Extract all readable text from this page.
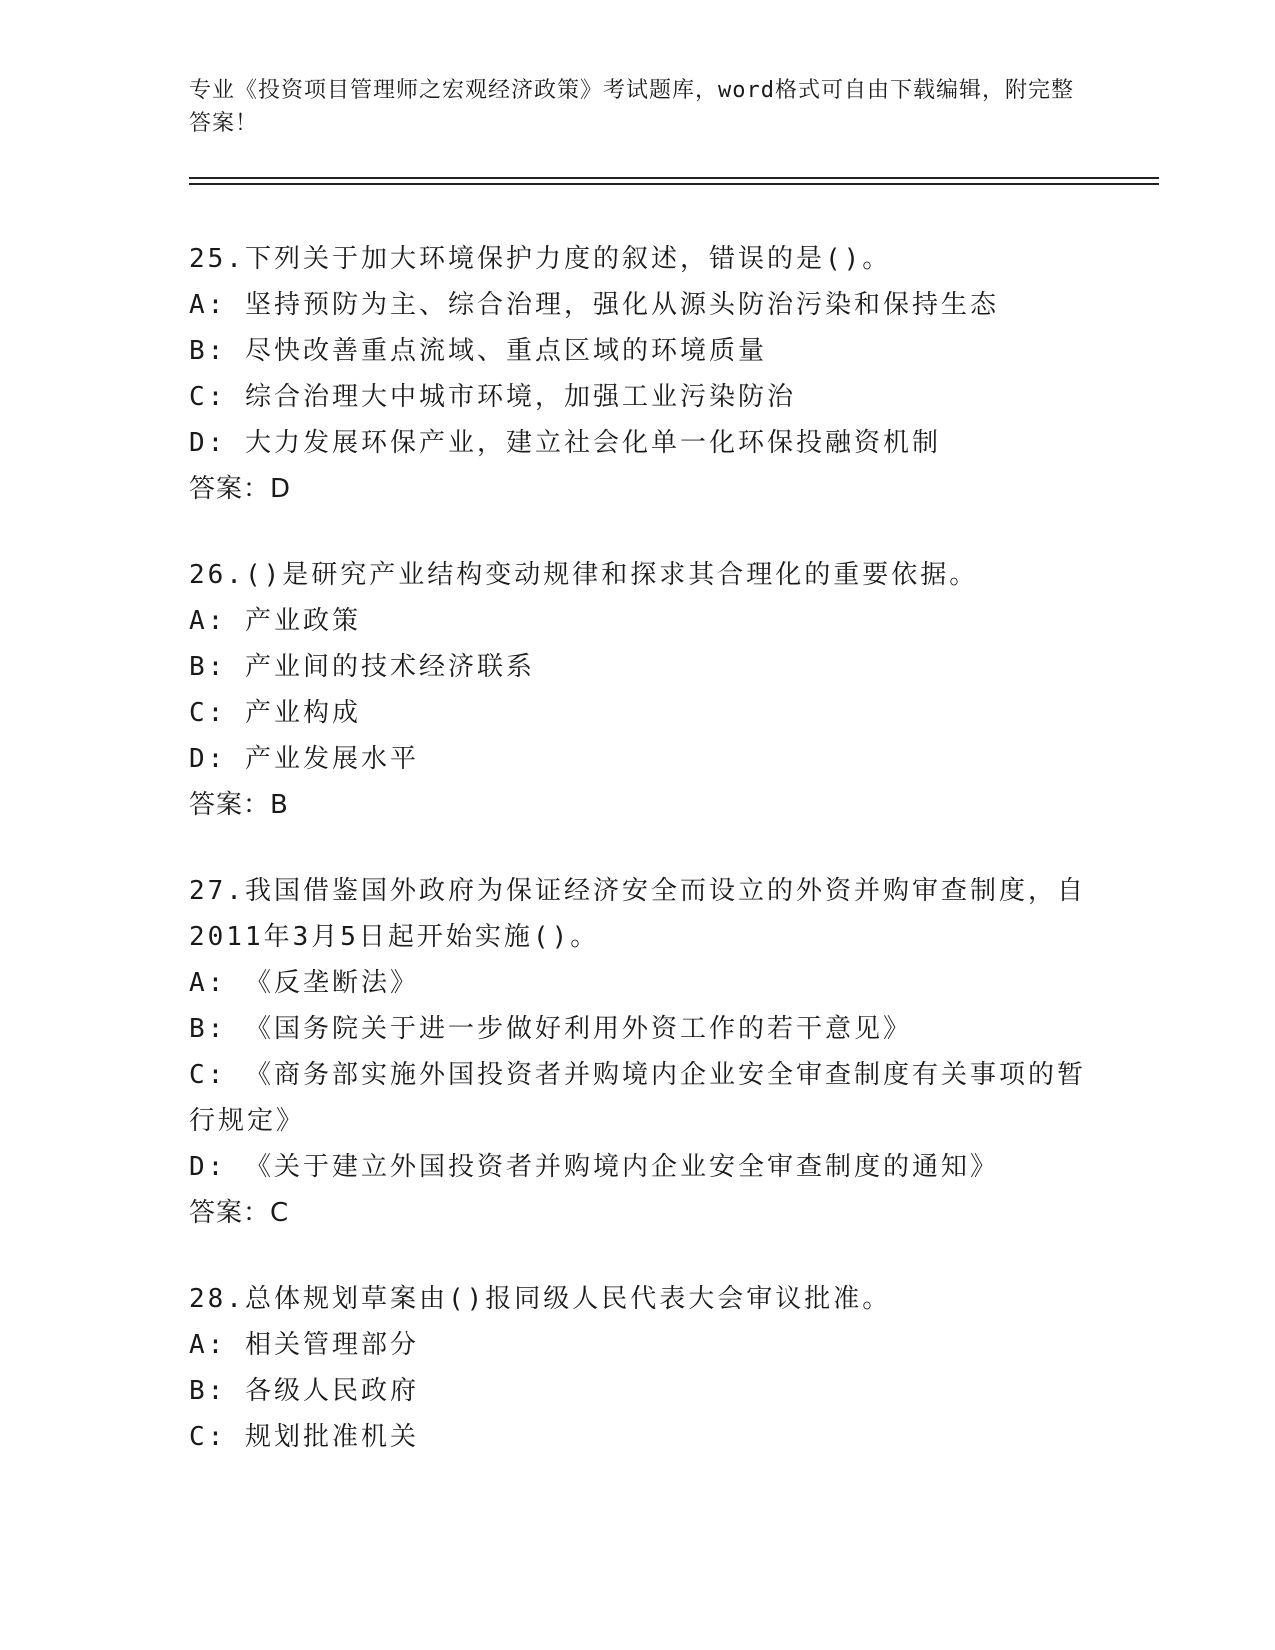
专业《投资项目管理师之宏观经济政策》考试题库，word格式可自由下载编辑，附完整答案！
25.下列关于加大环境保护力度的叙述，错误的是()。
A: 坚持预防为主、综合治理，强化从源头防治污染和保持生态
B: 尽快改善重点流域、重点区域的环境质量
C: 综合治理大中城市环境，加强工业污染防治
D: 大力发展环保产业，建立社会化单一化环保投融资机制
答案：D
26.()是研究产业结构变动规律和探求其合理化的重要依据。
A: 产业政策
B: 产业间的技术经济联系
C: 产业构成
D: 产业发展水平
答案：B
27.我国借鉴国外政府为保证经济安全而设立的外资并购审查制度，自2011年3月5日起开始实施()。
A: 《反垄断法》
B: 《国务院关于进一步做好利用外资工作的若干意见》
C: 《商务部实施外国投资者并购境内企业安全审查制度有关事项的暂行规定》
D: 《关于建立外国投资者并购境内企业安全审查制度的通知》
答案：C
28.总体规划草案由()报同级人民代表大会审议批准。
A: 相关管理部分
B: 各级人民政府
C: 规划批准机关
